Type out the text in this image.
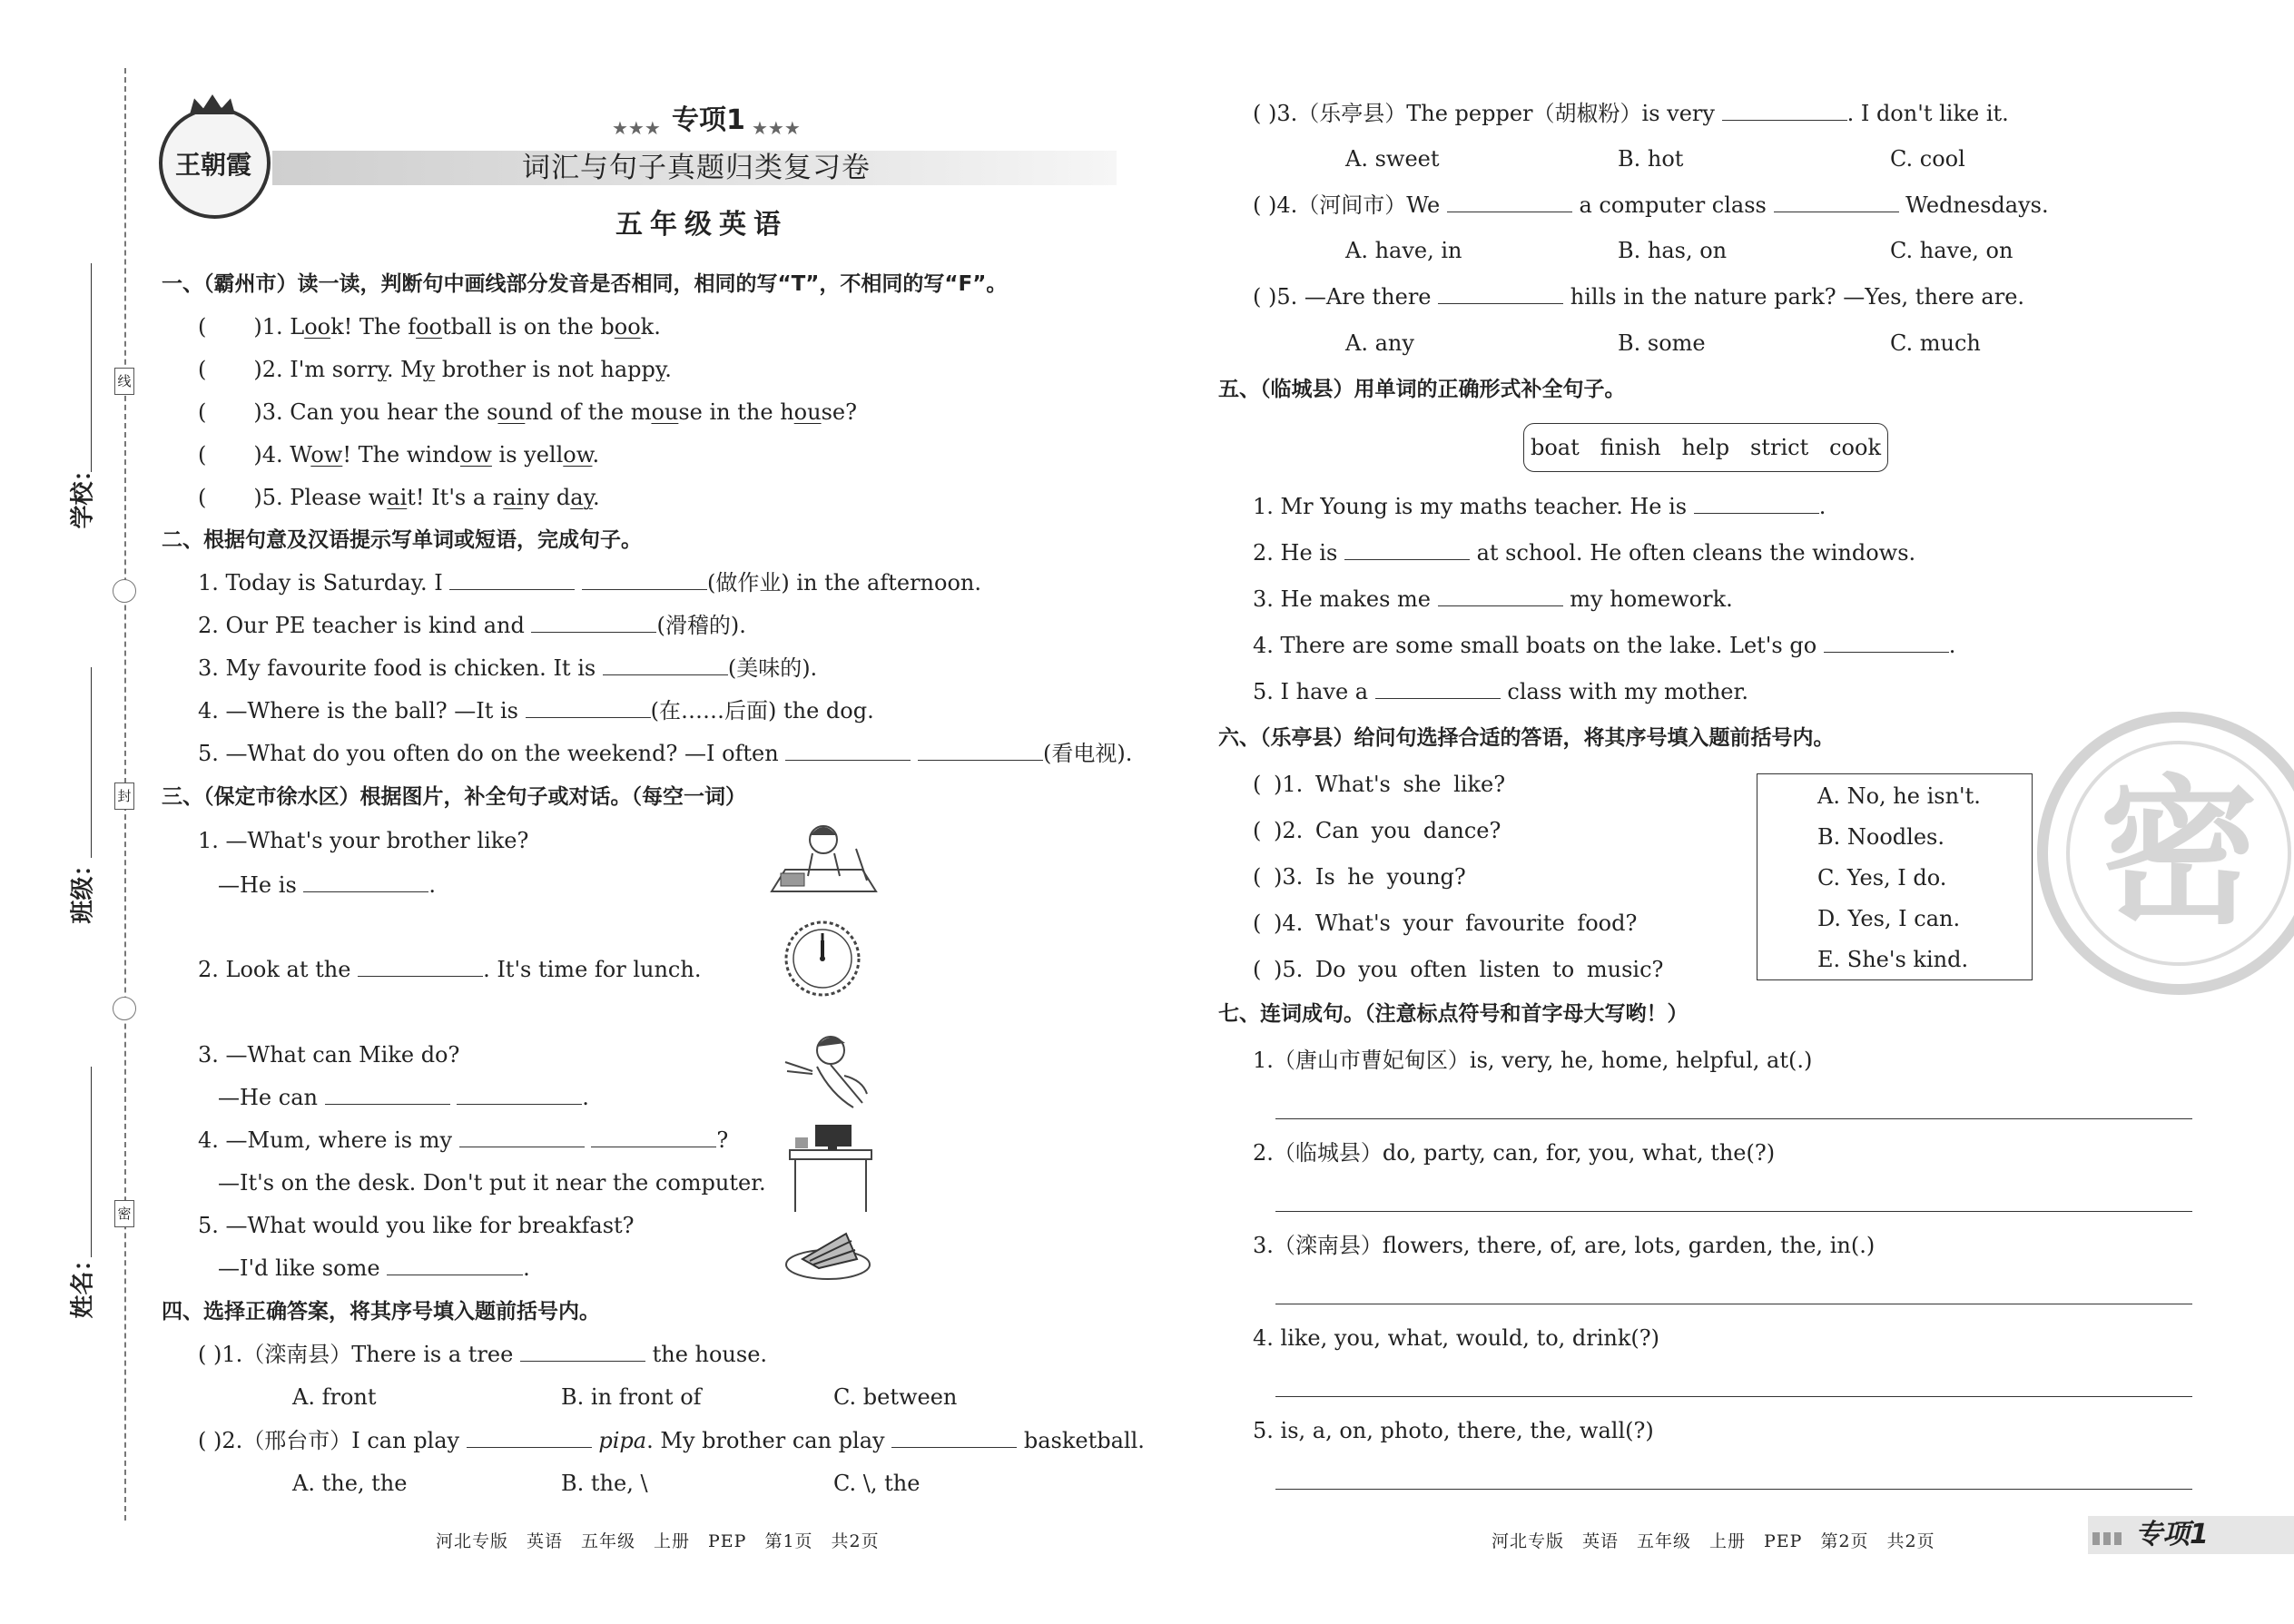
学校：
班级：
姓名：
线
封
密
王朝霞
★★★ 专项1 ★★★
词汇与句子真题归类复习卷
五年级英语
一、（霸州市）读一读，判断句中画线部分发音是否相同，相同的写“T”，不相同的写“F”。
( )1. Look! The football is on the book.
( )2. I'm sorry. My brother is not happy.
( )3. Can you hear the sound of the mouse in the house?
( )4. Wow! The window is yellow.
( )5. Please wait! It's a rainy day.
二、根据句意及汉语提示写单词或短语，完成句子。
1. Today is Saturday. I	(做作业) in the afternoon.
2. Our PE teacher is kind and	(滑稽的).
3. My favourite food is chicken. It is	(美味的).
4. —Where is the ball? —It is	(在……后面) the dog.
5. —What do you often do on the weekend? —I often	(看电视).
三、（保定市徐水区）根据图片，补全句子或对话。（每空一词）
1. —What's your brother like?
—He is	.
2. Look at the	. It's time for lunch.
3. —What can Mike do?
—He can	.
4. —Mum, where is my	?
—It's on the desk. Don't put it near the computer.
5. —What would you like for breakfast?
—I'd like some	.
四、选择正确答案，将其序号填入题前括号内。
( )1.（滦南县）There is a tree	the house.
A. front	B. in front of	C. between
( )2.（邢台市）I can play	pipa. My brother can play	basketball.
A. the, the	B. the, \	C. \, the
( )3.（乐亭县）The pepper（胡椒粉）is very	. I don't like it.
A. sweet	B. hot	C. cool
( )4.（河间市）We	a computer class	Wednesdays.
A. have, in	B. has, on	C. have, on
( )5. —Are there	hills in the nature park? —Yes, there are.
A. any	B. some	C. much
五、（临城县）用单词的正确形式补全句子。
boat   finish   help   strict   cook
1. Mr Young is my maths teacher. He is	.
2. He is	at school. He often cleans the windows.
3. He makes me	my homework.
4. There are some small boats on the lake. Let's go	.
5. I have a	class with my mother.
六、（乐亭县）给问句选择合适的答语，将其序号填入题前括号内。
( )1. What's she like?
( )2. Can you dance?
( )3. Is he young?
( )4. What's your favourite food?
( )5. Do you often listen to music?
A. No, he isn't.
B. Noodles.
C. Yes, I do.
D. Yes, I can.
E. She's kind.
七、连词成句。（注意标点符号和首字母大写哟！）
1.（唐山市曹妃甸区）is, very, he, home, helpful, at(.)
2.（临城县）do, party, can, for, you, what, the(?)
3.（滦南县）flowers, there, of, are, lots, garden, the, in(.)
4. like, you, what, would, to, drink(?)
5. is, a, on, photo, there, the, wall(?)
密
河北专版　英语　五年级　上册　PEP　第1页　共2页	河北专版　英语　五年级　上册　PEP　第2页　共2页	专项1
